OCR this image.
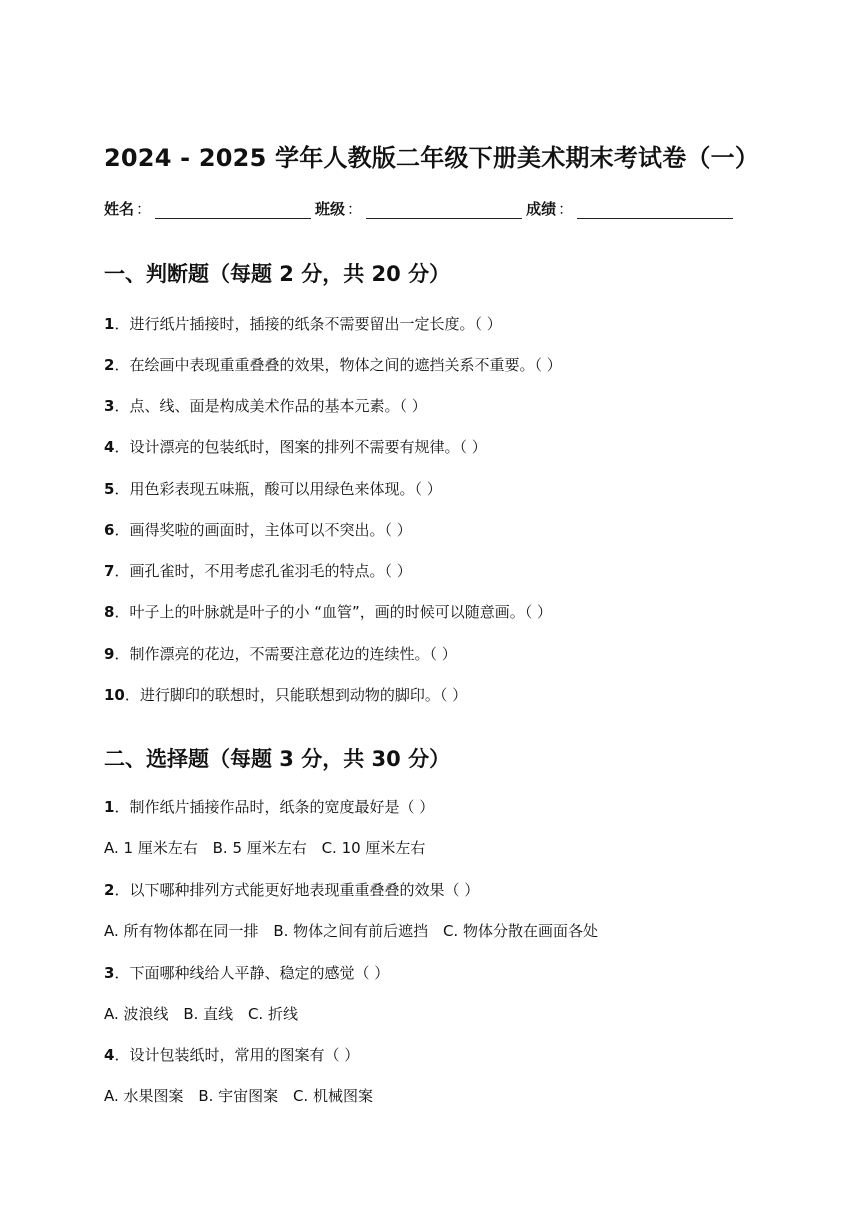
2024 - 2025 学年人教版二年级下册美术期末考试卷（一）
姓名 ：	班级 ：	成绩 ：
一、判断题（每题 2 分，共 20 分）
1．进行纸片插接时，插接的纸条不需要留出一定长度。（ ）
2．在绘画中表现重重叠叠的效果，物体之间的遮挡关系不重要。（ ）
3．点、线、面是构成美术作品的基本元素。（ ）
4．设计漂亮的包装纸时，图案的排列不需要有规律。（ ）
5．用色彩表现五味瓶，酸可以用绿色来体现。（ ）
6．画得奖啦的画面时，主体可以不突出。（ ）
7．画孔雀时，不用考虑孔雀羽毛的特点。（ ）
8．叶子上的叶脉就是叶子的小 “血管”，画的时候可以随意画。（ ）
9．制作漂亮的花边，不需要注意花边的连续性。（ ）
10．进行脚印的联想时，只能联想到动物的脚印。（ ）
二、选择题（每题 3 分，共 30 分）
1．制作纸片插接作品时，纸条的宽度最好是（ ）
A. 1 厘米左右 B. 5 厘米左右 C. 10 厘米左右
2．以下哪种排列方式能更好地表现重重叠叠的效果（ ）
A. 所有物体都在同一排 B. 物体之间有前后遮挡 C. 物体分散在画面各处
3．下面哪种线给人平静、稳定的感觉（ ）
A. 波浪线 B. 直线 C. 折线
4．设计包装纸时，常用的图案有（ ）
A. 水果图案 B. 宇宙图案 C. 机械图案
